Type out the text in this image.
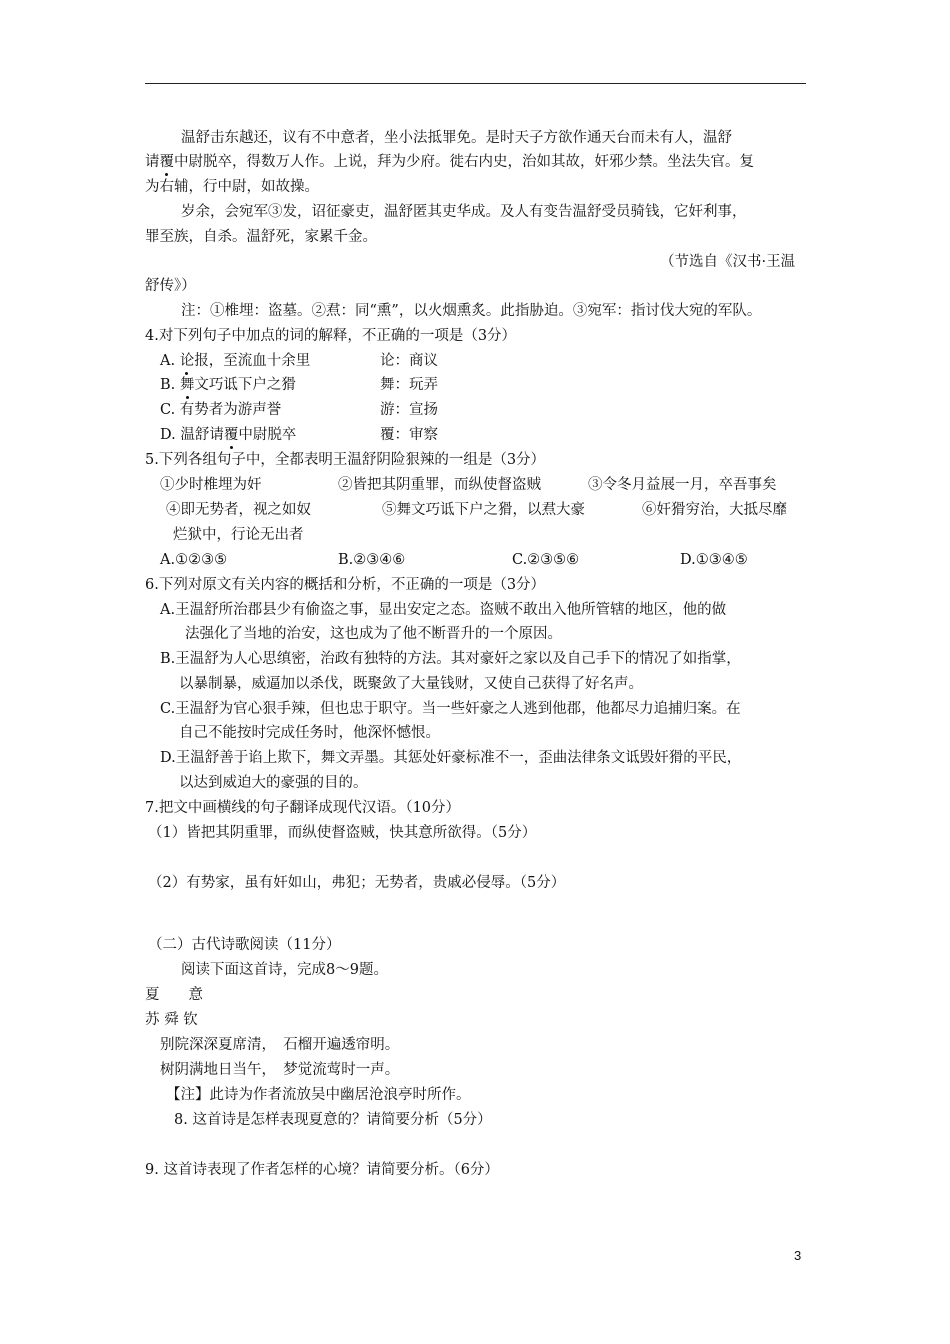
温舒击东越还，议有不中意者，坐小法抵罪免。是时天子方欲作通天台而未有人，温舒
请覆中尉脱卒，得数万人作。上说，拜为少府。徙右内史，治如其故，奸邪少禁。坐法失官。复
为右辅，行中尉，如故操。
岁余，会宛军③发，诏征豪吏，温舒匿其吏华成。及人有变告温舒受员骑钱，它奸利事，
罪至族，自杀。温舒死，家累千金。
（节选自《汉书·王温
舒传》）
注：①椎埋：盗墓。②焄：同“熏”，以火烟熏炙。此指胁迫。③宛军：指讨伐大宛的军队。
4.对下列句子中加点的词的解释，不正确的一项是（3分）
A. 论报，至流血十余里	论：商议
B. 舞文巧诋下户之猾	舞：玩弄
C. 有势者为游声誉	游：宣扬
D. 温舒请覆中尉脱卒	覆：审察
5.下列各组句子中，全都表明王温舒阴险狠辣的一组是（3分）
①少时椎埋为奸	②皆把其阴重罪，而纵使督盗贼	③令冬月益展一月，卒吾事矣
④即无势者，视之如奴	⑤舞文巧诋下户之猾，以焄大豪	⑥奸猾穷治，大抵尽靡
烂狱中，行论无出者
A.①②③⑤	B.②③④⑥	C.②③⑤⑥	D.①③④⑤
6.下列对原文有关内容的概括和分析，不正确的一项是（3分）
A.王温舒所治郡县少有偷盗之事，显出安定之态。盗贼不敢出入他所管辖的地区，他的做
法强化了当地的治安，这也成为了他不断晋升的一个原因。
B.王温舒为人心思缜密，治政有独特的方法。其对豪奸之家以及自己手下的情况了如指掌，
以暴制暴，威逼加以杀伐，既聚敛了大量钱财，又使自己获得了好名声。
C.王温舒为官心狠手辣，但也忠于职守。当一些奸豪之人逃到他郡，他都尽力追捕归案。在
自己不能按时完成任务时，他深怀憾恨。
D.王温舒善于谄上欺下，舞文弄墨。其惩处奸豪标准不一，歪曲法律条文诋毁奸猾的平民，
以达到威迫大的豪强的目的。
7.把文中画横线的句子翻译成现代汉语。（10分）
（1）皆把其阴重罪，而纵使督盗贼，快其意所欲得。（5分）
（2）有势家，虽有奸如山，弗犯；无势者，贵戚必侵辱。（5分）
（二）古代诗歌阅读（11分）
阅读下面这首诗，完成8～9题。
夏　　意
苏 舜 钦
别院深深夏席清，　石榴开遍透帘明。
树阴满地日当午，　梦觉流莺时一声。
【注】此诗为作者流放吴中幽居沧浪亭时所作。
8. 这首诗是怎样表现夏意的？请简要分析（5分）
9. 这首诗表现了作者怎样的心境？请简要分析。（6分）
3
